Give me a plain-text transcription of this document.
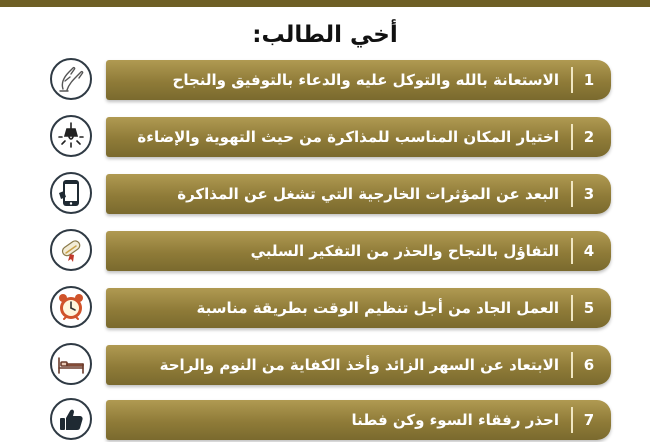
أخي الطالب:
الاستعانة بالله والتوكل عليه والدعاء بالتوفيق والنجاح	1
اختيار المكان المناسب للمذاكرة من حيث التهوية والإضاءة	2
البعد عن المؤثرات الخارجية التي تشغل عن المذاكرة	3
التفاؤل بالنجاح والحذر من التفكير السلبي	4
العمل الجاد من أجل تنظيم الوقت بطريقة مناسبة	5
الابتعاد عن السهر الزائد وأخذ الكفاية من النوم والراحة	6
احذر رفقاء السوء وكن فطنا	7
